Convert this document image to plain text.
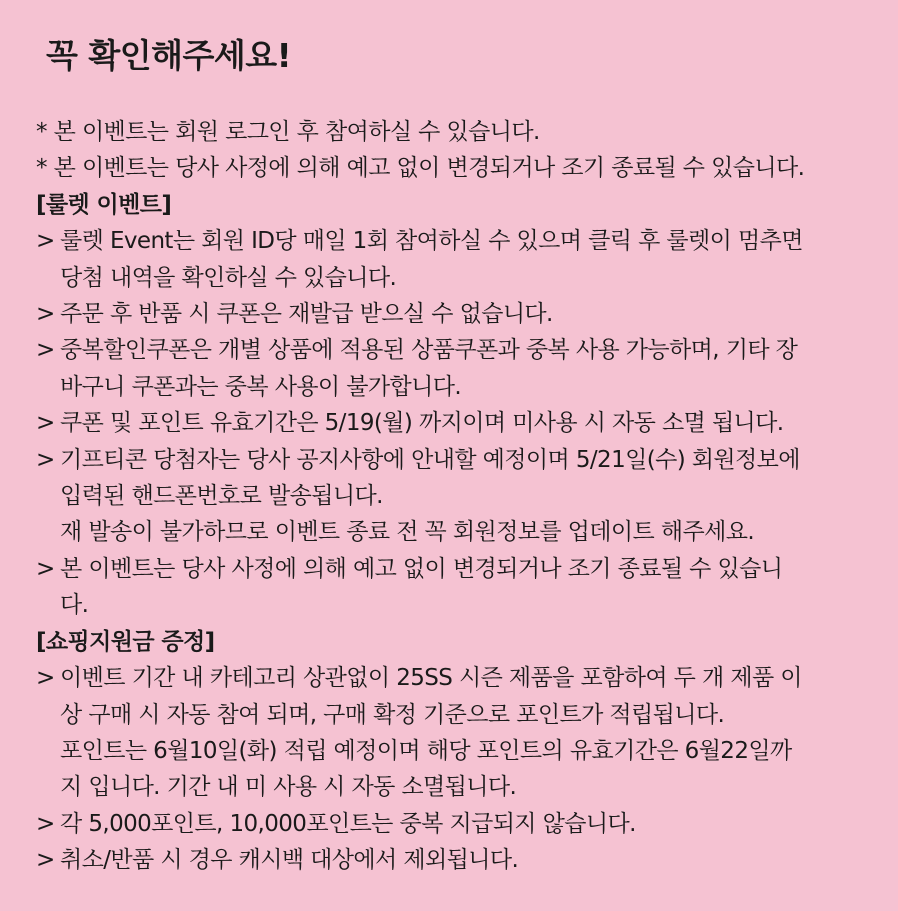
꼭 확인해주세요!
* 본 이벤트는 회원 로그인 후 참여하실 수 있습니다.
* 본 이벤트는 당사 사정에 의해 예고 없이 변경되거나 조기 종료될 수 있습니다.
[룰렛 이벤트]
> 룰렛 Event는 회원 ID당 매일 1회 참여하실 수 있으며 클릭 후 룰렛이 멈추면
당첨 내역을 확인하실 수 있습니다.
> 주문 후 반품 시 쿠폰은 재발급 받으실 수 없습니다.
> 중복할인쿠폰은 개별 상품에 적용된 상품쿠폰과 중복 사용 가능하며, 기타 장
바구니 쿠폰과는 중복 사용이 불가합니다.
> 쿠폰 및 포인트 유효기간은 5/19(월) 까지이며 미사용 시 자동 소멸 됩니다.
> 기프티콘 당첨자는 당사 공지사항에 안내할 예정이며 5/21일(수) 회원정보에
입력된 핸드폰번호로 발송됩니다.
재 발송이 불가하므로 이벤트 종료 전 꼭 회원정보를 업데이트 해주세요.
> 본 이벤트는 당사 사정에 의해 예고 없이 변경되거나 조기 종료될 수 있습니
다.
[쇼핑지원금 증정]
> 이벤트 기간 내 카테고리 상관없이 25SS 시즌 제품을 포함하여 두 개 제품 이
상 구매 시 자동 참여 되며, 구매 확정 기준으로 포인트가 적립됩니다.
포인트는 6월10일(화) 적립 예정이며 해당 포인트의 유효기간은 6월22일까
지 입니다. 기간 내 미 사용 시 자동 소멸됩니다.
> 각 5,000포인트, 10,000포인트는 중복 지급되지 않습니다.
> 취소/반품 시 경우 캐시백 대상에서 제외됩니다.
